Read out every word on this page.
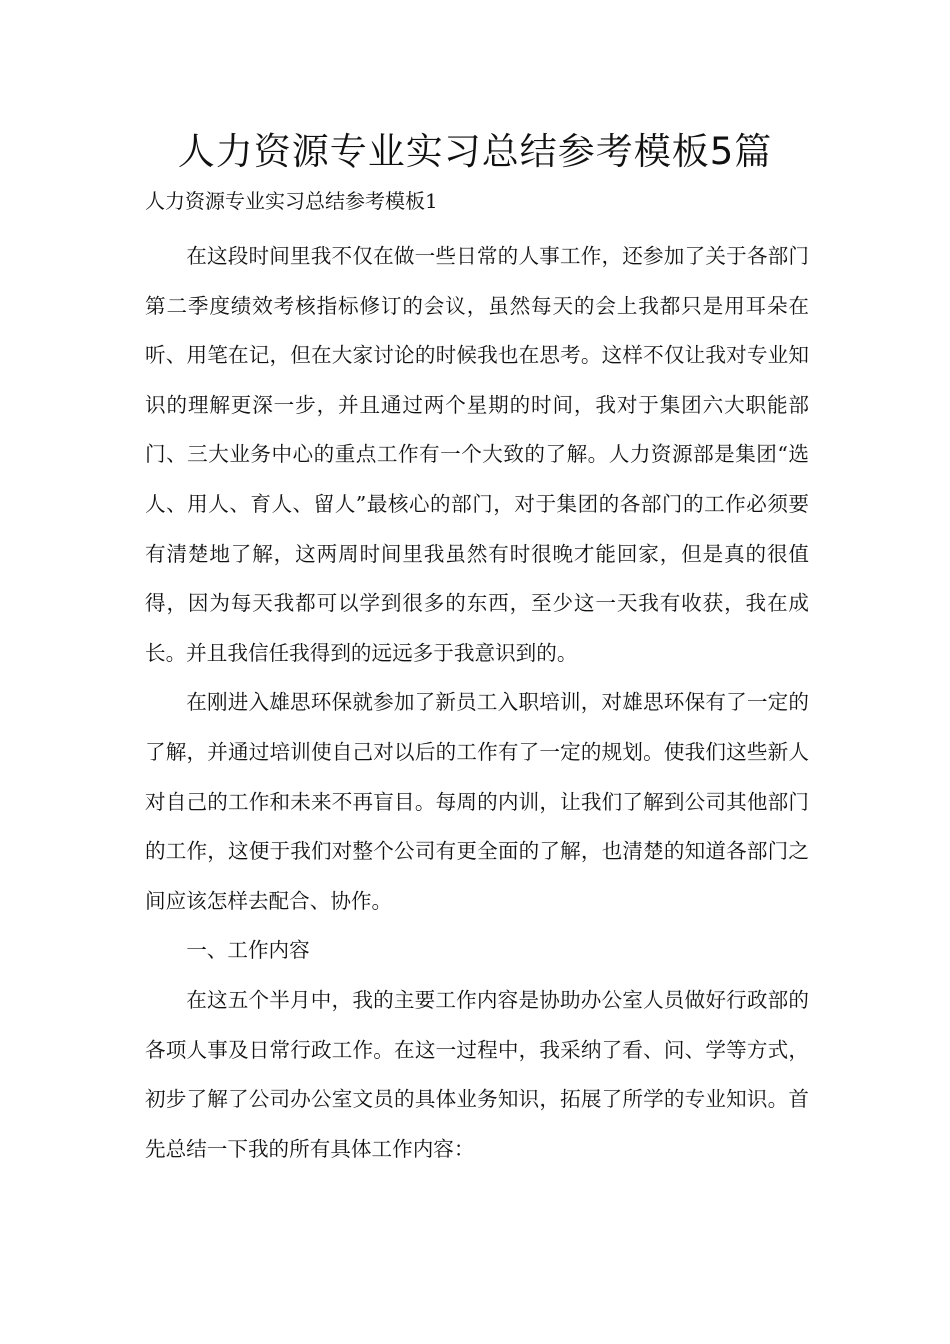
人力资源专业实习总结参考模板5篇

人力资源专业实习总结参考模板1

在这段时间里我不仅在做一些日常的人事工作，还参加了关于各部门第二季度绩效考核指标修订的会议，虽然每天的会上我都只是用耳朵在听、用笔在记，但在大家讨论的时候我也在思考。这样不仅让我对专业知识的理解更深一步，并且通过两个星期的时间，我对于集团六大职能部门、三大业务中心的重点工作有一个大致的了解。人力资源部是集团“选人、用人、育人、留人”最核心的部门，对于集团的各部门的工作必须要有清楚地了解，这两周时间里我虽然有时很晚才能回家，但是真的很值得，因为每天我都可以学到很多的东西，至少这一天我有收获，我在成长。并且我信任我得到的远远多于我意识到的。

在刚进入雄思环保就参加了新员工入职培训，对雄思环保有了一定的了解，并通过培训使自己对以后的工作有了一定的规划。使我们这些新人对自己的工作和未来不再盲目。每周的内训，让我们了解到公司其他部门的工作，这便于我们对整个公司有更全面的了解，也清楚的知道各部门之间应该怎样去配合、协作。

一、工作内容

在这五个半月中，我的主要工作内容是协助办公室人员做好行政部的各项人事及日常行政工作。在这一过程中，我采纳了看、问、学等方式，初步了解了公司办公室文员的具体业务知识，拓展了所学的专业知识。首先总结一下我的所有具体工作内容：
